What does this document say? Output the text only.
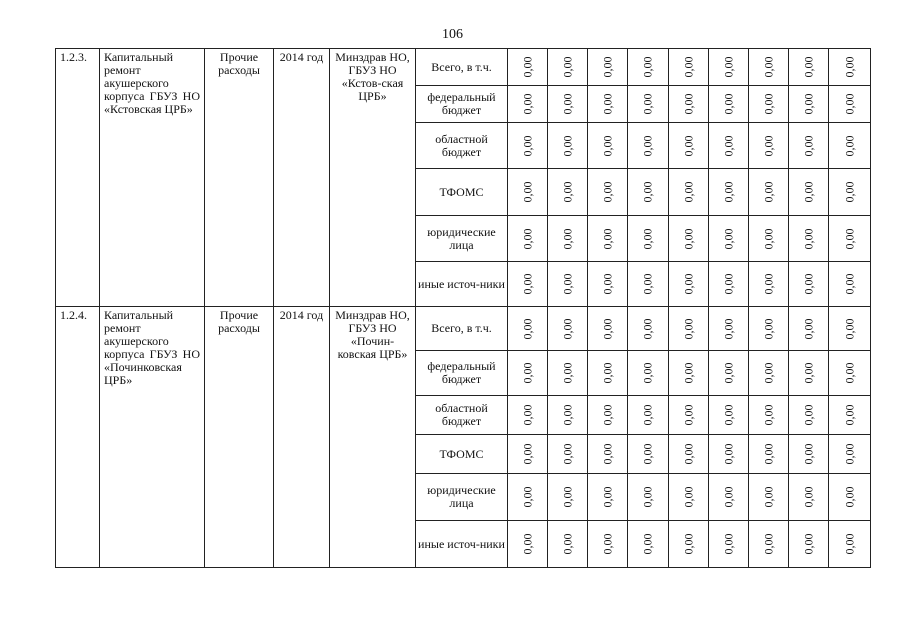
106
1.2.3.	Капитальный ремонт акушерского корпуса ГБУЗ НО «Кстовская ЦРБ»	Прочие расходы	2014 год	Минздрав НО, ГБУЗ НО «Кстов-ская ЦРБ»	Всего, в т.ч.	0,00	0,00	0,00	0,00	0,00	0,00	0,00	0,00	0,00

					федеральный бюджет	0,00	0,00	0,00	0,00	0,00	0,00	0,00	0,00	0,00

					областной бюджет	0,00	0,00	0,00	0,00	0,00	0,00	0,00	0,00	0,00

					ТФОМС	0,00	0,00	0,00	0,00	0,00	0,00	0,00	0,00	0,00

					юридические лица	0,00	0,00	0,00	0,00	0,00	0,00	0,00	0,00	0,00

					иные источ-ники	0,00	0,00	0,00	0,00	0,00	0,00	0,00	0,00	0,00

1.2.4.	Капитальный ремонт акушерского корпуса ГБУЗ НО «Починковская ЦРБ»	Прочие расходы	2014 год	Минздрав НО, ГБУЗ НО «Почин-ковская ЦРБ»	Всего, в т.ч.	0,00	0,00	0,00	0,00	0,00	0,00	0,00	0,00	0,00

					федеральный бюджет	0,00	0,00	0,00	0,00	0,00	0,00	0,00	0,00	0,00

					областной бюджет	0,00	0,00	0,00	0,00	0,00	0,00	0,00	0,00	0,00

					ТФОМС	0,00	0,00	0,00	0,00	0,00	0,00	0,00	0,00	0,00

					юридические лица	0,00	0,00	0,00	0,00	0,00	0,00	0,00	0,00	0,00

					иные источ-ники	0,00	0,00	0,00	0,00	0,00	0,00	0,00	0,00	0,00
